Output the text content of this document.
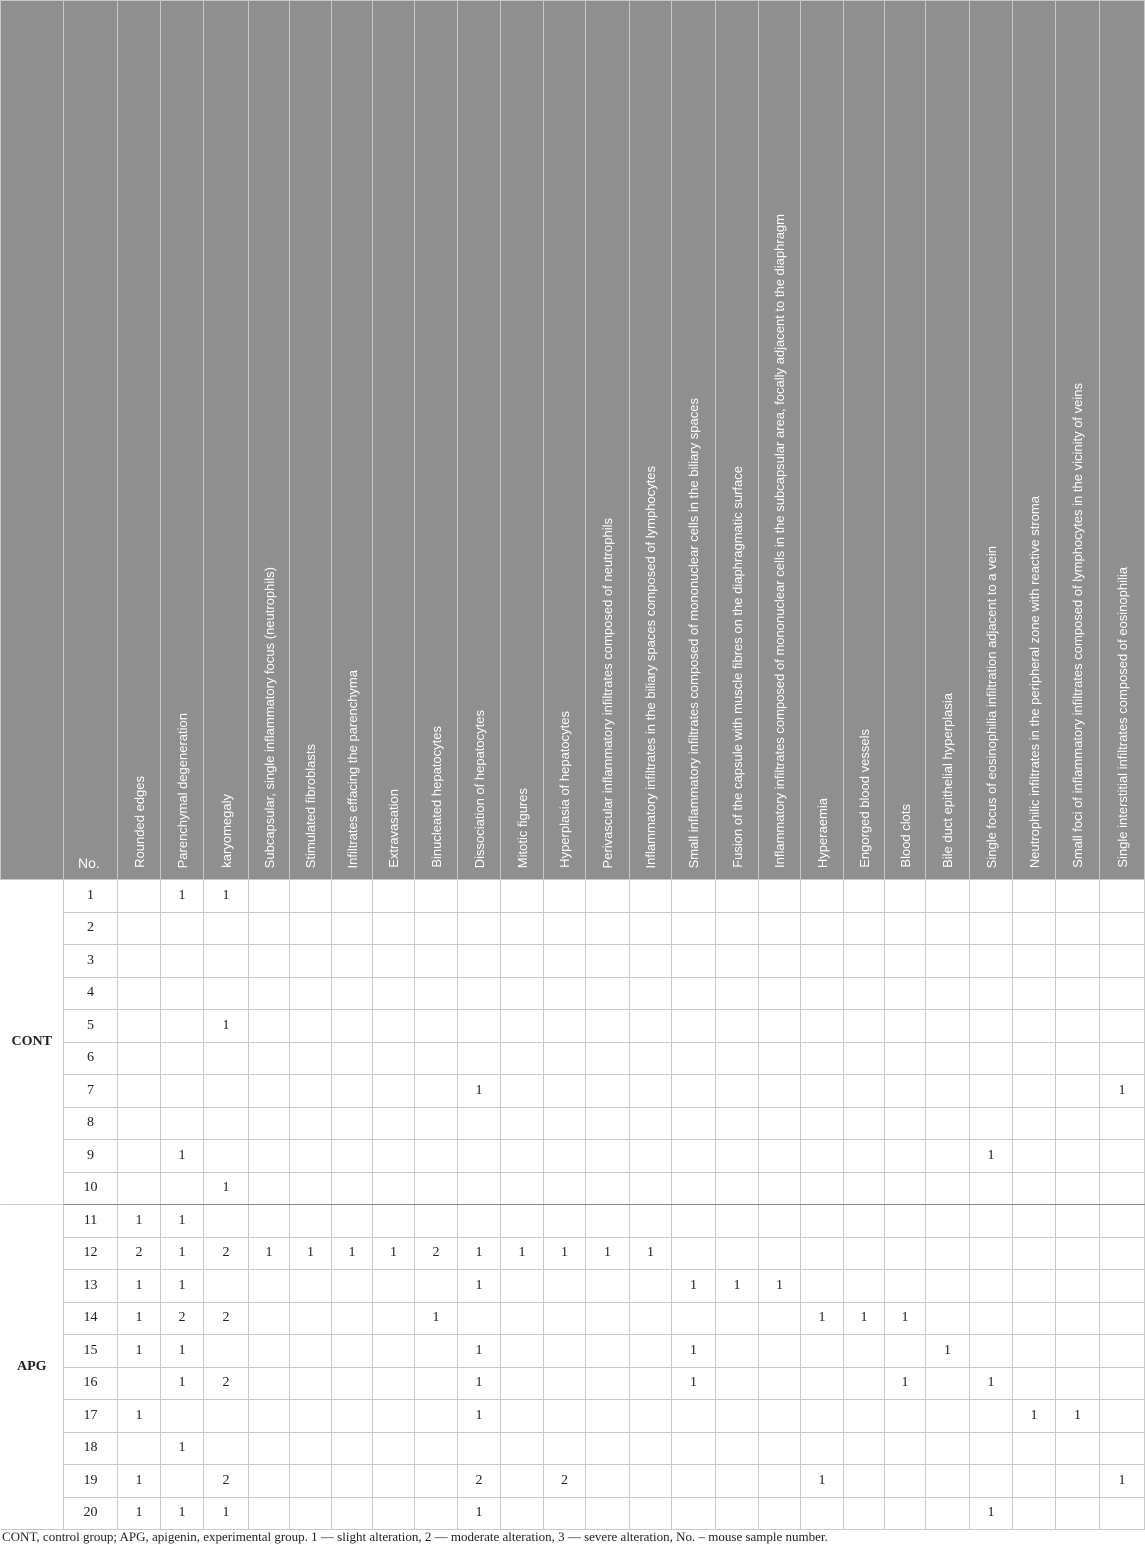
	No.	Rounded edges	Parenchymal degeneration	karyomegaly	Subcapsular, single inflammatory focus (neutrophils)	Stimulated fibroblasts	Infiltrates effacing the parenchyma	Extravasation	Binucleated hepatocytes	Dissociation of hepatocytes	Mitotic figures	Hyperplasia of hepatocytes	Perivascular inflammatory infiltrates composed of neutrophils	Inflammatory infiltrates in the biliary spaces composed of lymphocytes	Small inflammatory infiltrates composed of mononuclear cells in the biliary spaces	Fusion of the capsule with muscle fibres on the diaphragmatic surface	Inflammatory infiltrates composed of mononuclear cells in the subcapsular area, focally adjacent to the diaphragm	Hyperaemia	Engorged blood vessels	Blood clots	Bile duct epithelial hyperplasia	Single focus of eosinophilia infiltration adjacent to a vein	Neutrophilic infiltrates in the peripheral zone with reactive stroma	Small foci of inflammatory infiltrates composed of lymphocytes in the vicinity of veins	Single interstitial infiltrates composed of eosinophilia
CONT	1		1	1																					
	2																								
	3																								
	4																								
	5			1																					
	6																								
	7									1															1
	8																								
	9		1																			1			
	10			1																					
APG	11	1	1																						
	12	2	1	2	1	1	1	1	2	1	1	1	1	1											
	13	1	1							1					1	1	1								
	14	1	2	2					1									1	1	1					
	15	1	1							1					1						1				
	16		1	2						1					1					1		1			
	17	1								1													1	1	
	18		1																						
	19	1		2						2		2						1							1
	20	1	1	1						1												1			
CONT, control group; APG, apigenin, experimental group. 1 — slight alteration, 2 — moderate alteration, 3 — severe alteration, No. – mouse sample number.
